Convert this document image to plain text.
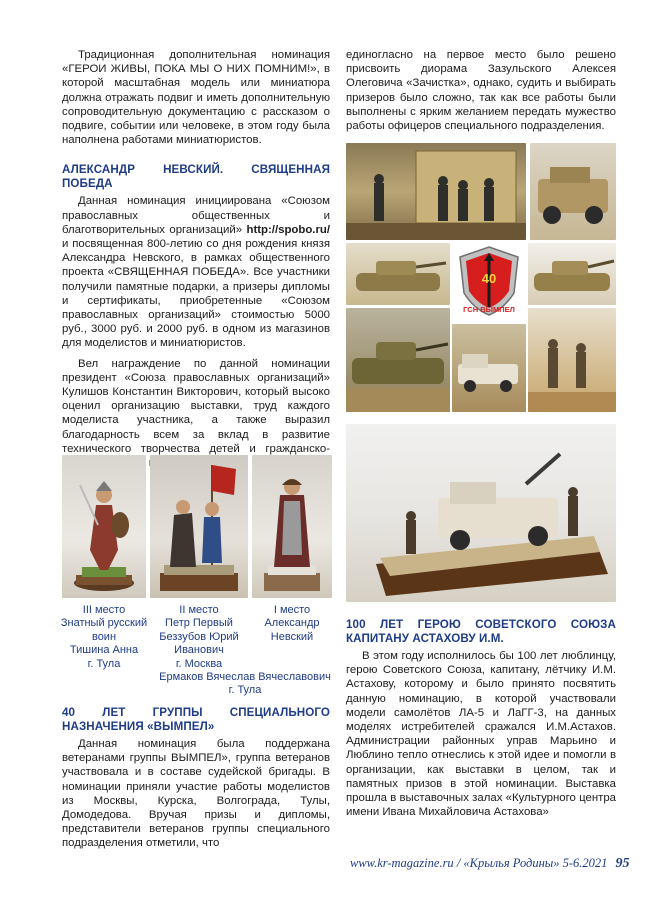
Традиционная дополнительная номинация «ГЕРОИ ЖИВЫ, ПОКА МЫ О НИХ ПОМНИМ!», в которой масштабная модель или миниатюра должна отражать подвиг и иметь дополнительную сопроводительную документацию с рассказом о подвиге, событии или человеке, в этом году была наполнена работами миниатюристов.

АЛЕКСАНДР НЕВСКИЙ. СВЯЩЕННАЯ ПОБЕДА

Данная номинация инициирована «Союзом православных общественных и благотворительных организаций» http://spobo.ru/ и посвященная 800-летию со дня рождения князя Александра Невского, в рамках общественного проекта «СВЯЩЕННАЯ ПОБЕДА». Все участники получили памятные подарки, а призеры дипломы и сертификаты, приобретенные «Союзом православных организаций» стоимостью 5000 руб., 3000 руб. и 2000 руб. в одном из магазинов для моделистов и миниатюристов.

Вел награждение по данной номинации президент «Союза православных организаций» Кулишов Константин Викторович, который высоко оценил организацию выставки, труд каждого моделиста участника, а также выразил благодарность всем за вклад в развитие технического творчества детей и гражданско-

III место
Знатный русский
воин
Тишина Анна
г. Тула
II место
Петр Первый
Беззубов Юрий
Иванович
г. Москва
I место
Александр
Невский
Ермаков Вячеслав Вячеславович
г. Тула
40 ЛЕТ ГРУППЫ СПЕЦИАЛЬНОГО НАЗНАЧЕНИЯ «ВЫМПЕЛ»

Данная номинация была поддержана ветеранами группы ВЫМПЕЛ», группа ветеранов участвовала и в составе судейской бригады. В номинации приняли участие работы моделистов из Москвы, Курска, Волгограда, Тулы, Домодедова. Вручая призы и дипломы, представители ветеранов группы специального подразделения отметили, что

единогласно на первое место было решено присвоить диорама Зазульского Алексея Олеговича «Зачистка», однако, судить и выбирать призеров было сложно, так как все работы были выполнены с ярким желанием передать мужество работы офицеров специального подразделения.

40
ГСН ВЫМПЕЛ
100 ЛЕТ ГЕРОЮ СОВЕТСКОГО СОЮЗА КАПИТАНУ АСТАХОВУ И.М.

В этом году исполнилось бы 100 лет люблинцу, герою Советского Союза, капитану, лётчику И.М. Астахову, которому и было принято посвятить данную номинацию, в которой участвовали модели самолётов ЛА-5 и ЛаГГ-3, на данных моделях истребителей сражался И.М.Астахов. Администрации районных управ Марьино и Люблино тепло отнеслись к этой идее и помогли в организации, как выставки в целом, так и памятных призов в этой номинации. Выставка прошла в выставочных залах «Культурного центра имени Ивана Михайловича Астахова»

www.kr-magazine.ru / «Крылья Родины» 5-6.2021 95
